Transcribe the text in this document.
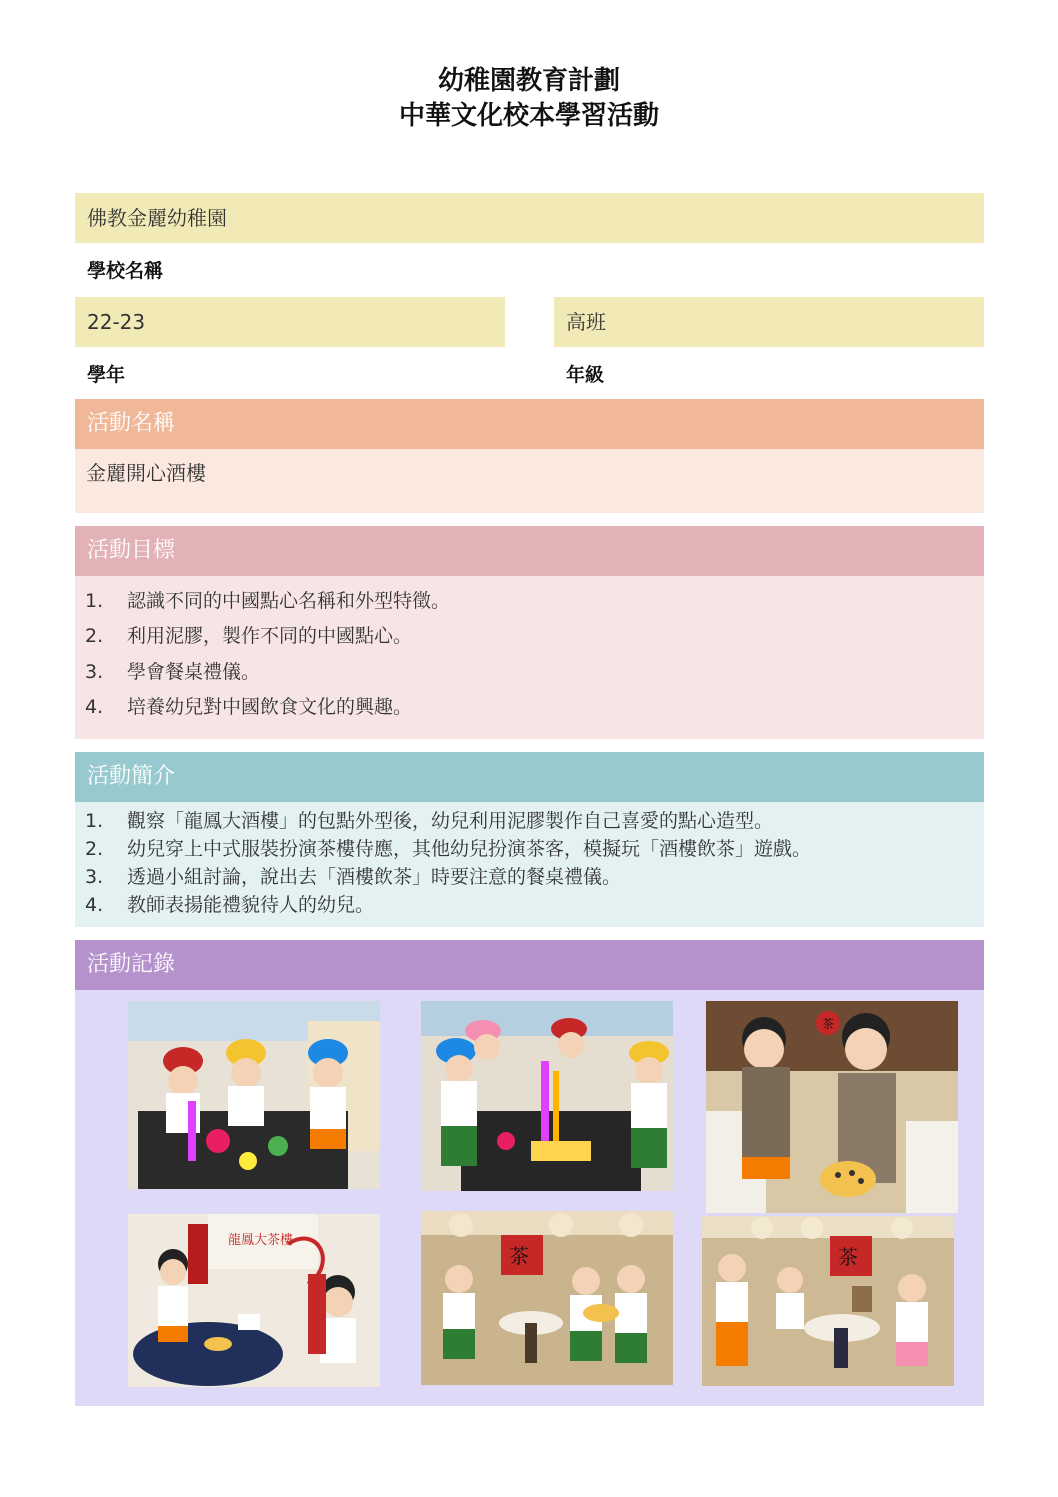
幼稚園教育計劃
中華文化校本學習活動
佛教金麗幼稚園
學校名稱
22-23
學年
高班
年級
活動名稱
金麗開心酒樓
活動目標
1. 認識不同的中國點心名稱和外型特徵。
2. 利用泥膠，製作不同的中國點心。
3. 學會餐桌禮儀。
4. 培養幼兒對中國飲食文化的興趣。
活動簡介
1. 觀察「龍鳳大酒樓」的包點外型後，幼兒利用泥膠製作自己喜愛的點心造型。
2. 幼兒穿上中式服裝扮演茶樓侍應，其他幼兒扮演茶客，模擬玩「酒樓飲茶」遊戲。
3. 透過小組討論，說出去「酒樓飲茶」時要注意的餐桌禮儀。
4. 教師表揚能禮貌待人的幼兒。
活動記錄
茶
龍鳳大茶樓
茶	茶
